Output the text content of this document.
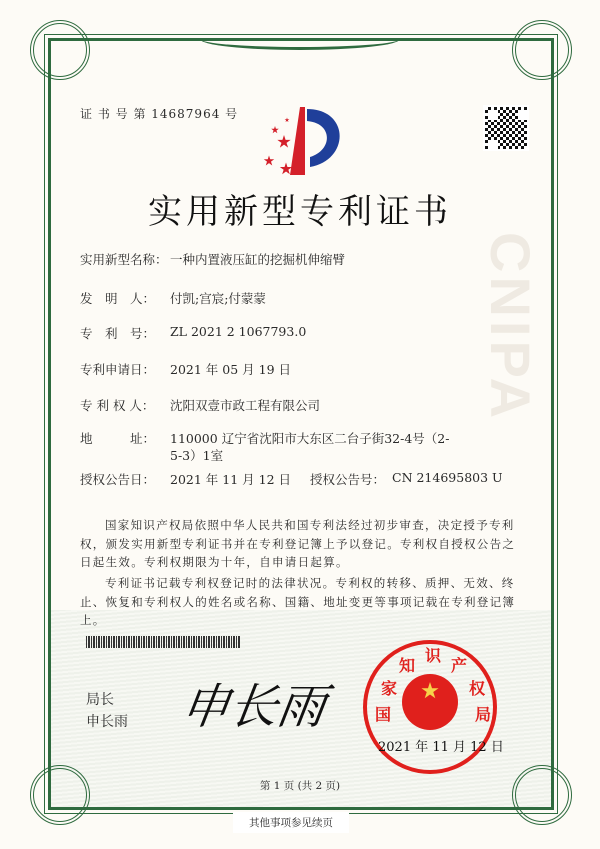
CNIPA
证 书 号 第 14687964 号
实用新型专利证书
实用新型名称： 一种内置液压缸的挖掘机伸缩臂
发　明　人：	付凯;宫宸;付蒙蒙
专　利　号：	ZL 2021 2 1067793.0
专利申请日：	2021 年 05 月 19 日
专 利 权 人：	沈阳双壹市政工程有限公司
地　　　址：	110000 辽宁省沈阳市大东区二台子街32-4号（2-5-3）1室
授权公告日：	2021 年 11 月 12 日	授权公告号： CN 214695803 U

国家知识产权局依照中华人民共和国专利法经过初步审查，决定授予专利权，颁发实用新型专利证书并在专利登记簿上予以登记。专利权自授权公告之日起生效。专利权期限为十年，自申请日起算。

专利证书记载专利权登记时的法律状况。专利权的转移、质押、无效、终止、恢复和专利权人的姓名或名称、国籍、地址变更等事项记载在专利登记簿上。

局长
申长雨 申长雨	国
家
知
识
产
权
局
2021 年 11 月 12 日
第 1 页 (共 2 页)
其他事项参见续页
